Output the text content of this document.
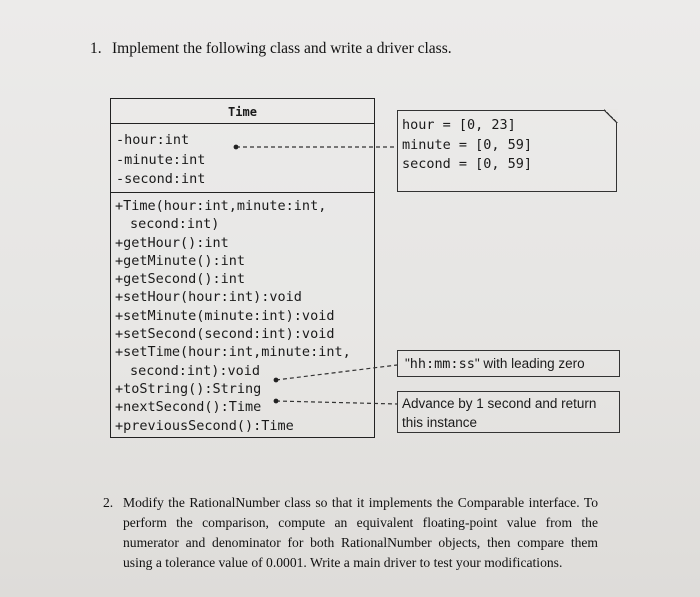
1. Implement the following class and write a driver class.
Time
-hour:int
-minute:int
-second:int
+Time(hour:int,minute:int,
second:int)
+getHour():int
+getMinute():int
+getSecond():int
+setHour(hour:int):void
+setMinute(minute:int):void
+setSecond(second:int):void
+setTime(hour:int,minute:int,
second:int):void
+toString():String
+nextSecond():Time
+previousSecond():Time
hour = [0, 23]
minute = [0, 59]
second = [0, 59]
"hh:mm:ss" with leading zero
Advance by 1 second and return
this instance
2. Modify the RationalNumber class so that it implements the Comparable interface. To perform the comparison, compute an equivalent floating-point value from the numerator and denominator for both RationalNumber objects, then compare them using a tolerance value of 0.0001. Write a main driver to test your modifications.
